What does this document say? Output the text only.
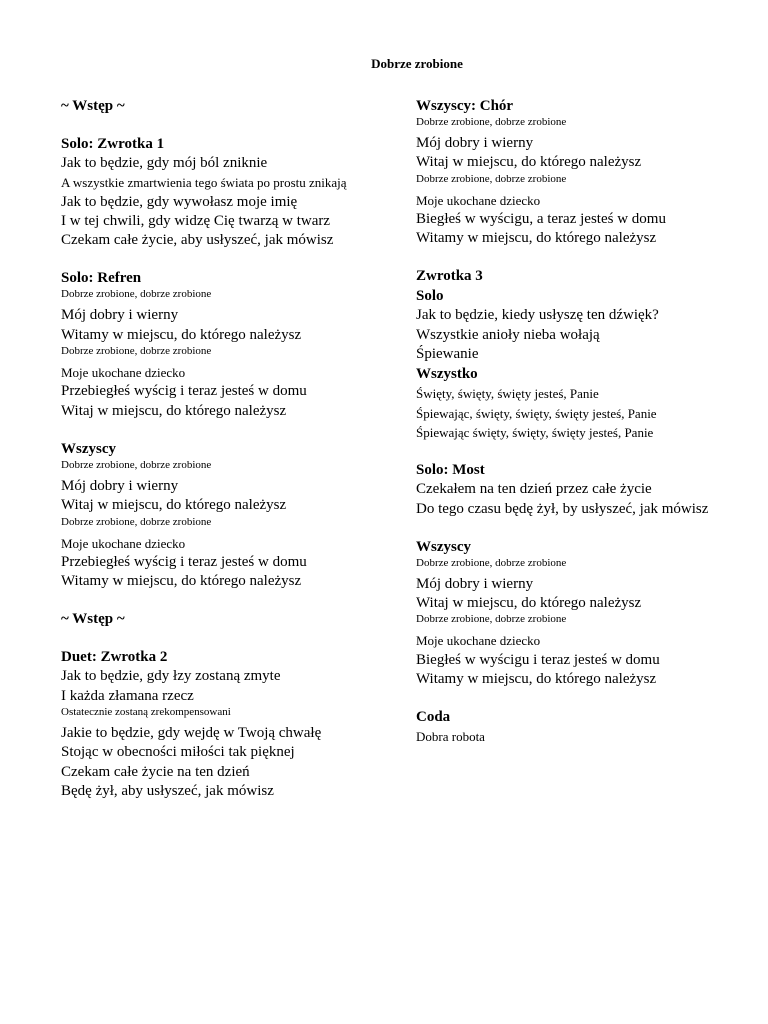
Dobrze zrobione
~ Wstęp ~
Solo: Zwrotka 1
Jak to będzie, gdy mój ból zniknie
A wszystkie zmartwienia tego świata po prostu znikają
Jak to będzie, gdy wywołasz moje imię
I w tej chwili, gdy widzę Cię twarzą w twarz
Czekam całe życie, aby usłyszeć, jak mówisz
Solo: Refren
Dobrze zrobione, dobrze zrobione
Mój dobry i wierny
Witamy w miejscu, do którego należysz
Dobrze zrobione, dobrze zrobione
Moje ukochane dziecko
Przebiegłeś wyścig i teraz jesteś w domu
Witaj w miejscu, do którego należysz
Wszyscy
Dobrze zrobione, dobrze zrobione
Mój dobry i wierny
Witaj w miejscu, do którego należysz
Dobrze zrobione, dobrze zrobione
Moje ukochane dziecko
Przebiegłeś wyścig i teraz jesteś w domu
Witamy w miejscu, do którego należysz
~ Wstęp ~
Duet: Zwrotka 2
Jak to będzie, gdy łzy zostaną zmyte
I każda złamana rzecz
Ostatecznie zostaną zrekompensowani
Jakie to będzie, gdy wejdę w Twoją chwałę
Stojąc w obecności miłości tak pięknej
Czekam całe życie na ten dzień
Będę żył, aby usłyszeć, jak mówisz
Wszyscy: Chór
Dobrze zrobione, dobrze zrobione
Mój dobry i wierny
Witaj w miejscu, do którego należysz
Dobrze zrobione, dobrze zrobione
Moje ukochane dziecko
Biegłeś w wyścigu, a teraz jesteś w domu
Witamy w miejscu, do którego należysz
Zwrotka 3
Solo
Jak to będzie, kiedy usłyszę ten dźwięk?
Wszystkie anioły nieba wołają
Śpiewanie
Wszystko
Święty, święty, święty jesteś, Panie
Śpiewając, święty, święty, święty jesteś, Panie
Śpiewając święty, święty, święty jesteś, Panie
Solo: Most
Czekałem na ten dzień przez całe życie
Do tego czasu będę żył, by usłyszeć, jak mówisz
Wszyscy
Dobrze zrobione, dobrze zrobione
Mój dobry i wierny
Witaj w miejscu, do którego należysz
Dobrze zrobione, dobrze zrobione
Moje ukochane dziecko
Biegłeś w wyścigu i teraz jesteś w domu
Witamy w miejscu, do którego należysz
Coda
Dobra robota
